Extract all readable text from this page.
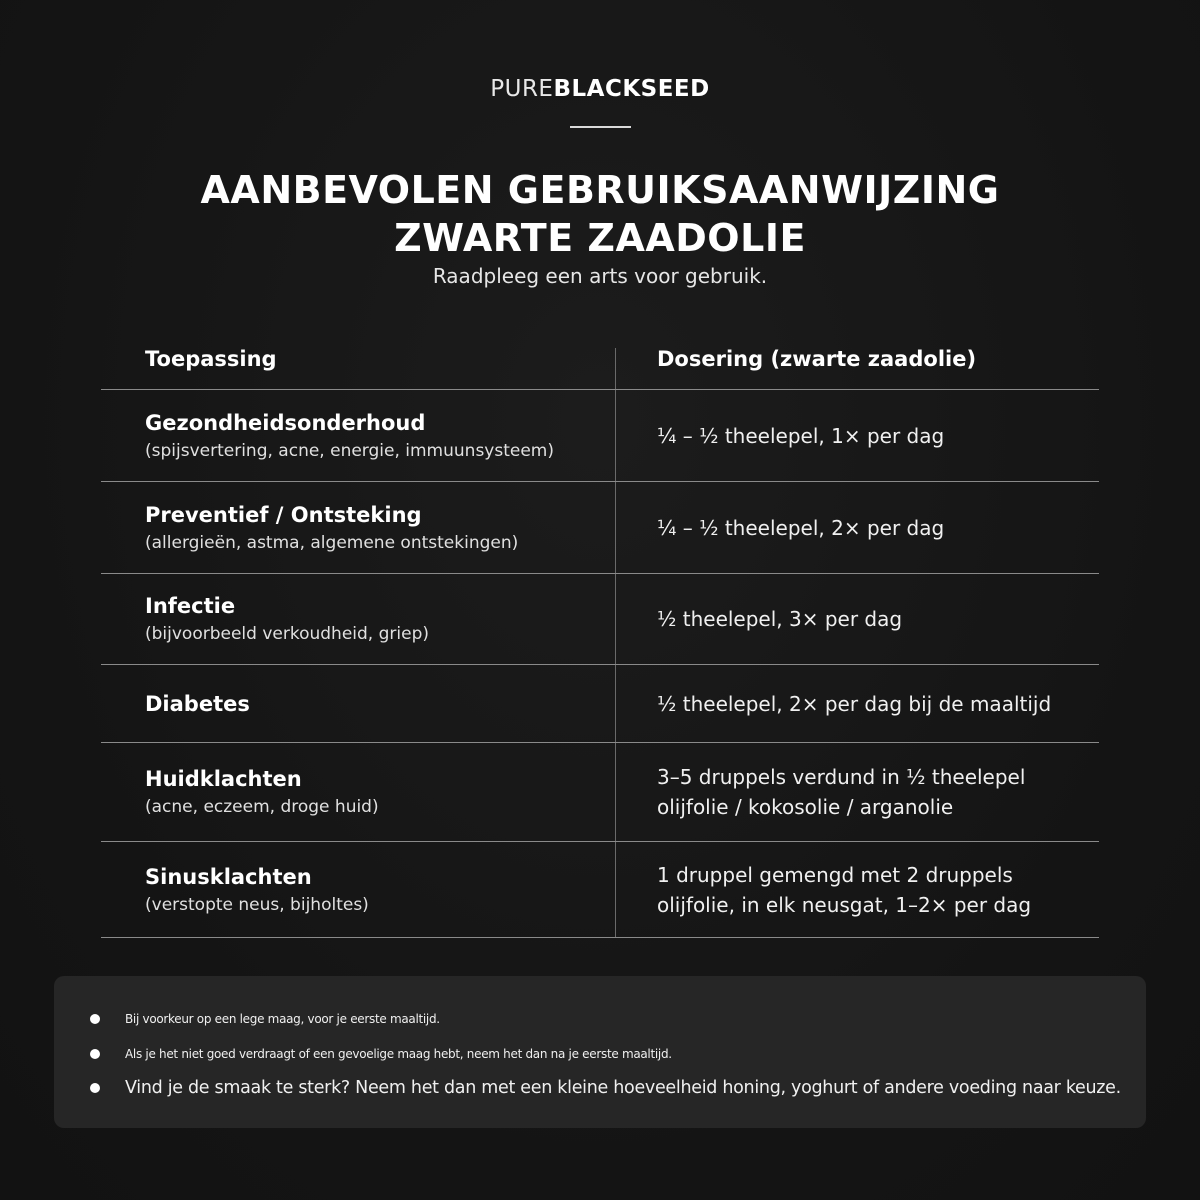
PUREBLACKSEED
AANBEVOLEN GEBRUIKSAANWIJZING
ZWARTE ZAADOLIE
Raadpleeg een arts voor gebruik.
Toepassing	Dosering (zwarte zaadolie)
Gezondheidsonderhoud
(spijsvertering, acne, energie, immuunsysteem)
¼ – ½ theelepel, 1× per dag
Preventief / Ontsteking
(allergieën, astma, algemene ontstekingen)
¼ – ½ theelepel, 2× per dag
Infectie
(bijvoorbeeld verkoudheid, griep)
½ theelepel, 3× per dag
Diabetes	½ theelepel, 2× per dag bij de maaltijd
Huidklachten
(acne, eczeem, droge huid)
3–5 druppels verdund in ½ theelepel
olijfolie / kokosolie / arganolie
Sinusklachten
(verstopte neus, bijholtes)
1 druppel gemengd met 2 druppels
olijfolie, in elk neusgat, 1–2× per dag
Bij voorkeur op een lege maag, voor je eerste maaltijd.
Als je het niet goed verdraagt of een gevoelige maag hebt, neem het dan na je eerste maaltijd.
Vind je de smaak te sterk? Neem het dan met een kleine hoeveelheid honing, yoghurt of andere voeding naar keuze.
